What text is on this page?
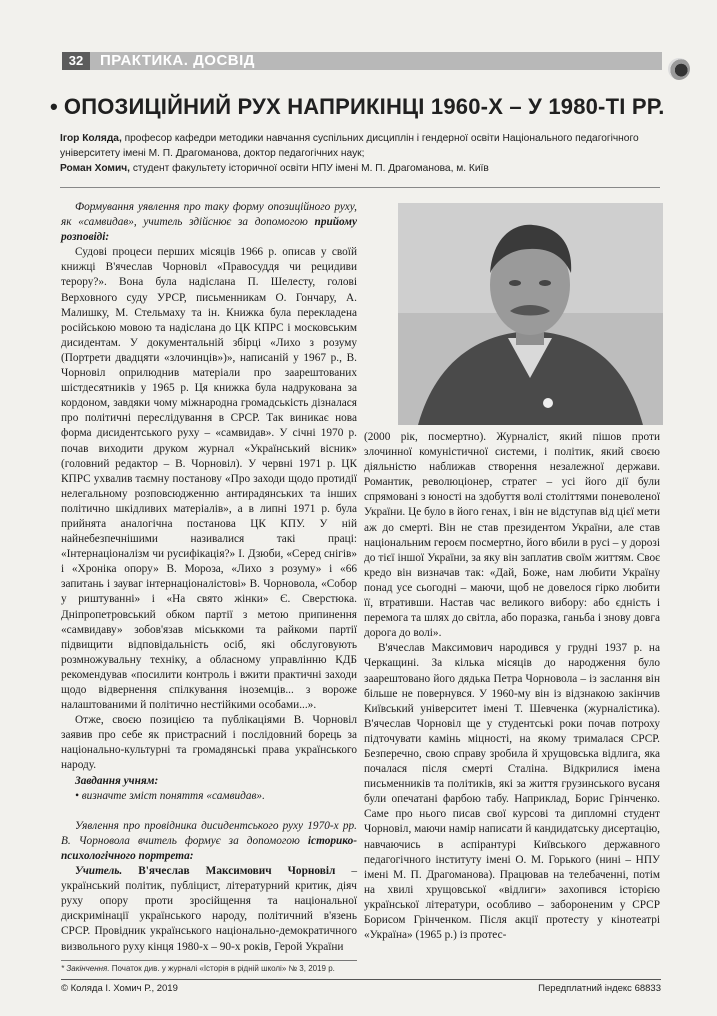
32	ПРАКТИКА. ДОСВІД
• ОПОЗИЦІЙНИЙ РУХ НАПРИКІНЦІ 1960-Х – У 1980-ТІ РР.
Ігор Коляда, професор кафедри методики навчання суспільних дисциплін і гендерної освіти Національного педагогічного університету імені М. П. Драгоманова, доктор педагогічних наук;
Роман Хомич, студент факультету історичної освіти НПУ імені М. П. Драгоманова, м. Київ

Формування уявлення про таку форму опозиційного руху, як «самвидав», учитель здійснює за допомогою прийому розповіді:

Судові процеси перших місяців 1966 р. описав у своїй книжці В'ячеслав Чорновіл «Правосуддя чи рецидиви терору?». Вона була надіслана П. Шелесту, голові Верховного суду УРСР, письменникам О. Гончару, А. Малишку, М. Стельмаху та ін. Книжка була перекладена російською мовою та надіслана до ЦК КПРС і московським дисидентам. У документальній збірці «Лихо з розуму (Портрети двадцяти «злочинців»)», написаній у 1967 р., В. Чорновіл оприлюднив матеріали про заарештованих шістдесятників у 1965 р. Ця книжка була надрукована за кордоном, завдяки чому міжнародна громадськість дізналася про політичні переслідування в СРСР. Так виникає нова форма дисидентського руху – «самвидав». У січні 1970 р. почав виходити друком журнал «Український вісник» (головний редактор – В. Чорновіл). У червні 1971 р. ЦК КПРС ухвалив таємну постанову «Про заходи щодо протидії нелегальному розповсюдженню антирадянських та інших політично шкідливих матеріалів», а в липні 1971 р. була прийнята аналогічна постанова ЦК КПУ. У ній найнебезпечнішими називалися такі праці: «Інтернаціоналізм чи русифікація?» І. Дзюби, «Серед снігів» і «Хроніка опору» В. Мороза, «Лихо з розуму» і «66 запитань і зауваг інтернаціоналістові» В. Чорновола, «Собор у риштуванні» і «На свято жінки» Є. Сверстюка. Дніпропетровський обком партії з метою припинення «самвидаву» зобов'язав міськкоми та райкоми партії підвищити відповідальність осіб, які обслуговують розмножувальну техніку, а обласному управлінню КДБ рекомендував «посилити контроль і вжити практичні заходи щодо відвернення спілкування іноземців... з вороже налаштованими й політично нестійкими особами...».

Отже, своєю позицією та публікаціями В. Чорновіл заявив про себе як пристрасний і послідовний борець за національно-культурні та громадянські права українського народу.

Завдання учням:

• визначте зміст поняття «самвидав».

Уявлення про провідника дисидентського руху 1970-х рр. В. Чорновола вчитель формує за допомогою історико-психологічного портрета:

Учитель. В'ячеслав Максимович Чорновіл – український політик, публіцист, літературний критик, діяч руху опору проти зросійщення та національної дискримінації українського народу, політичний в'язень СРСР. Провідник українського національно-демократичного визвольного руху кінця 1980-х – 90-х років, Герой України

(2000 рік, посмертно). Журналіст, який пішов проти злочинної комуністичної системи, і політик, який своєю діяльністю наближав створення незалежної держави. Романтик, революціонер, стратег – усі його дії були спрямовані з юності на здобуття волі століттями поневоленої України. Це було в його генах, і він не відступав від цієї мети аж до смерті. Він не став президентом України, але став національним героєм посмертно, його вбили в русі – у дорозі до тієї іншої України, за яку він заплатив своїм життям. Своє кредо він визначав так: «Дай, Боже, нам любити Україну понад усе сьогодні – маючи, щоб не довелося гірко любити її, втративши. Настав час великого вибору: або єдність і перемога та шлях до світла, або поразка, ганьба і знову довга дорога до волі».

В'ячеслав Максимович народився у грудні 1937 р. на Черкащині. За кілька місяців до народження було заарештовано його дядька Петра Чорновола – із заслання він більше не повернувся. У 1960-му він із відзнакою закінчив Київський університет імені Т. Шевченка (журналістика). В'ячеслав Чорновіл ще у студентські роки почав потроху підточувати камінь міцності, на якому трималася СРСР. Безперечно, свою справу зробила й хрущовська відлига, яка почалася після смерті Сталіна. Відкрилися імена письменників та політиків, які за життя грузинського вусаня були опечатані фарбою табу. Наприклад, Борис Грінченко. Саме про нього писав свої курсові та дипломні студент Чорновіл, маючи намір написати й кандидатську дисертацію, навчаючись в аспірантурі Київського державного педагогічного інституту імені О. М. Горького (нині – НПУ імені М. П. Драгоманова). Працював на телебаченні, потім на хвилі хрущовської «відлиги» захопився історією української літератури, особливо – забороненим у СРСР Борисом Грінченком. Після акції протесту у кінотеатрі «Україна» (1965 р.) із протес-

* Закінчення. Початок див. у журналі «Історія в рідній школі» № 3, 2019 р.
© Коляда І. Хомич Р., 2019	Передплатний індекс 68833
